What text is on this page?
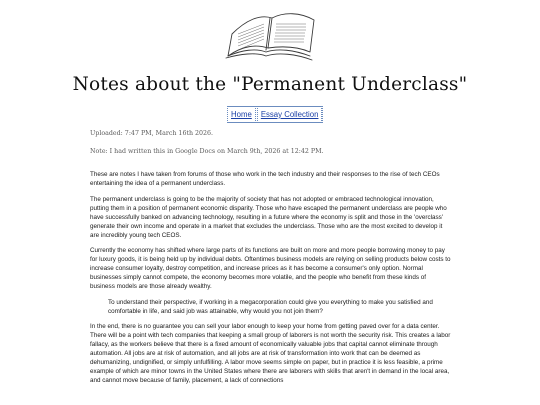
Notes about the "Permanent Underclass"
Home	Essay Collection
Uploaded: 7:47 PM, March 16th 2026.
Note: I had written this in Google Docs on March 9th, 2026 at 12:42 PM.

These are notes I have taken from forums of those who work in the tech industry and their responses to the rise of tech CEOs entertaining the idea of a permanent underclass.

The permanent underclass is going to be the majority of society that has not adopted or embraced technological innovation, putting them in a position of permanent economic disparity. Those who have escaped the permanent underclass are people who have successfully banked on advancing technology, resulting in a future where the economy is split and those in the 'overclass' generate their own income and operate in a market that excludes the underclass. Those who are the most excited to develop it are incredibly young tech CEOS.

Currently the economy has shifted where large parts of its functions are built on more and more people borrowing money to pay for luxury goods, it is being held up by individual debts. Oftentimes business models are relying on selling products below costs to increase consumer loyalty, destroy competition, and increase prices as it has become a consumer's only option. Normal businesses simply cannot compete, the economy becomes more volatile, and the people who benefit from these kinds of business models are those already wealthy.

To understand their perspective, if working in a megacorporation could give you everything to make you satisfied and comfortable in life, and said job was attainable, why would you not join them?

In the end, there is no guarantee you can sell your labor enough to keep your home from getting paved over for a data center. There will be a point with tech companies that keeping a small group of laborers is not worth the security risk. This creates a labor fallacy, as the workers believe that there is a fixed amount of economically valuable jobs that capital cannot eliminate through automation. All jobs are at risk of automation, and all jobs are at risk of transformation into work that can be deemed as dehumanizing, undignified, or simply unfulfilling. A labor move seems simple on paper, but in practice it is less feasible, a prime example of which are minor towns in the United States where there are laborers with skills that aren't in demand in the local area, and cannot move because of family, placement, a lack of connections
